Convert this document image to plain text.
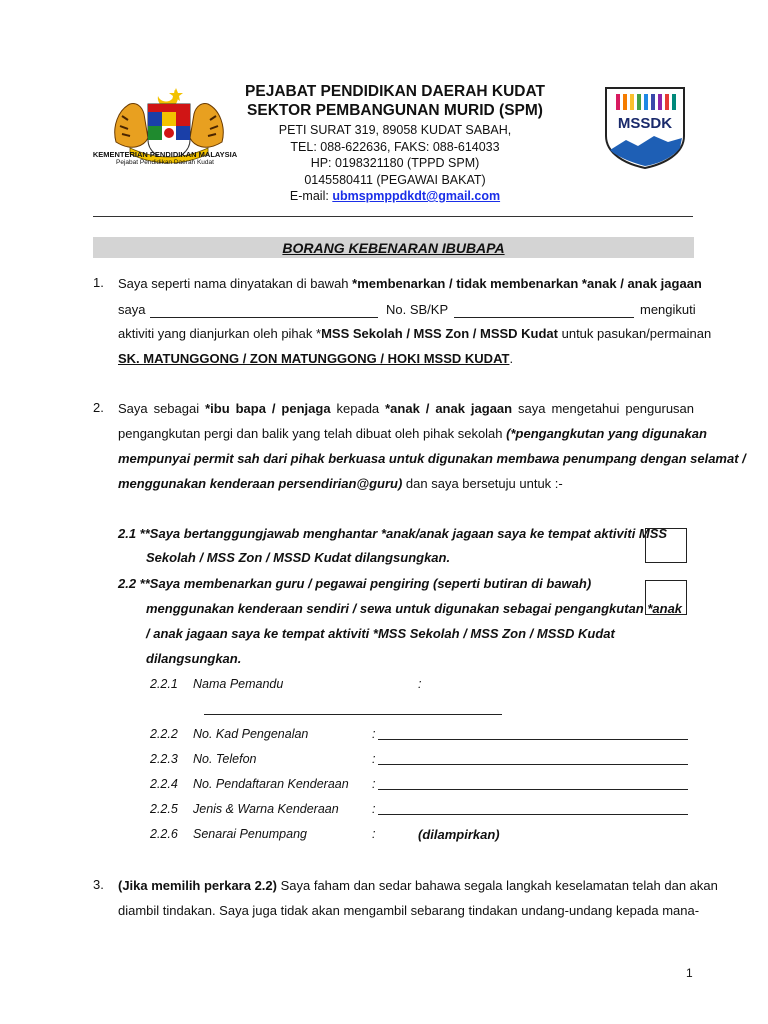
KEMENTERIAN PENDIDIKAN MALAYSIA
Pejabat Pendidikan Daerah Kudat
PEJABAT PENDIDIKAN DAERAH KUDAT
SEKTOR PEMBANGUNAN MURID (SPM)
PETI SURAT 319, 89058 KUDAT SABAH,
TEL: 088-622636, FAKS: 088-614033
HP: 0198321180 (TPPD SPM)
0145580411 (PEGAWAI BAKAT)
E-mail: ubmspmppdkdt@gmail.com
MSSDK
BORANG KEBENARAN IBUBAPA
1. Saya seperti nama dinyatakan di bawah *membenarkan / tidak membenarkan *anak / anak jagaan
saya	No. SB/KP	mengikuti
aktiviti yang dianjurkan oleh pihak *MSS Sekolah / MSS Zon / MSSD Kudat untuk pasukan/permainan
SK. MATUNGGONG / ZON MATUNGGONG / HOKI MSSD KUDAT.
2. Saya sebagai *ibu bapa / penjaga kepada *anak / anak jagaan saya mengetahui pengurusan
pengangkutan pergi dan balik yang telah dibuat oleh pihak sekolah (*pengangkutan yang digunakan
mempunyai permit sah dari pihak berkuasa untuk digunakan membawa penumpang dengan selamat /
menggunakan kenderaan persendirian@guru) dan saya bersetuju untuk :-
2.1 **Saya bertanggungjawab menghantar *anak/anak jagaan saya ke tempat aktiviti MSS
Sekolah / MSS Zon / MSSD Kudat dilangsungkan.
2.2 **Saya membenarkan guru / pegawai pengiring (seperti butiran di bawah)
menggunakan kenderaan sendiri / sewa untuk digunakan sebagai pengangkutan *anak
/ anak jagaan saya ke tempat aktiviti *MSS Sekolah / MSS Zon / MSSD Kudat
dilangsungkan.
2.2.1 Nama Pemandu	:
2.2.2 No. Kad Pengenalan	:
2.2.3 No. Telefon	:
2.2.4 No. Pendaftaran Kenderaan :
2.2.5 Jenis & Warna Kenderaan	:
2.2.6 Senarai Penumpang	:	(dilampirkan)
3. (Jika memilih perkara 2.2) Saya faham dan sedar bahawa segala langkah keselamatan telah dan akan
diambil tindakan. Saya juga tidak akan mengambil sebarang tindakan undang-undang kepada mana-
1
